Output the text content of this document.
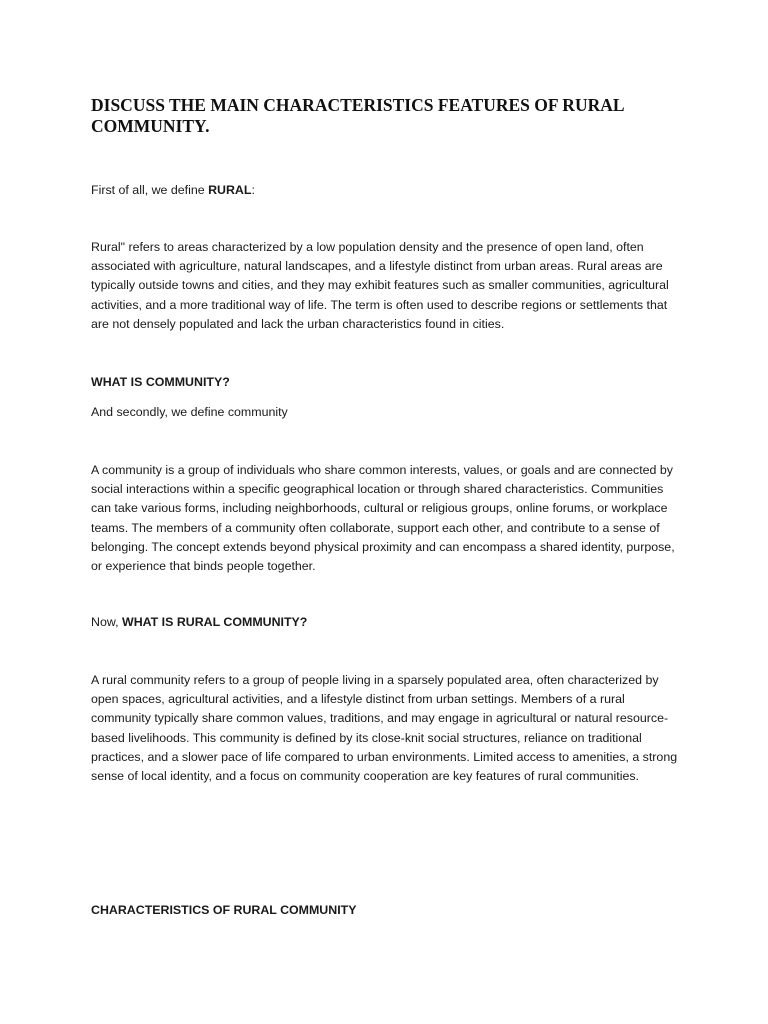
DISCUSS THE MAIN CHARACTERISTICS FEATURES OF RURAL COMMUNITY.

First of all, we define RURAL:

Rural" refers to areas characterized by a low population density and the presence of open land, often associated with agriculture, natural landscapes, and a lifestyle distinct from urban areas. Rural areas are typically outside towns and cities, and they may exhibit features such as smaller communities, agricultural activities, and a more traditional way of life. The term is often used to describe regions or settlements that are not densely populated and lack the urban characteristics found in cities.

WHAT IS COMMUNITY?

And secondly, we define community

A community is a group of individuals who share common interests, values, or goals and are connected by social interactions within a specific geographical location or through shared characteristics. Communities can take various forms, including neighborhoods, cultural or religious groups, online forums, or workplace teams. The members of a community often collaborate, support each other, and contribute to a sense of belonging. The concept extends beyond physical proximity and can encompass a shared identity, purpose, or experience that binds people together.

Now, WHAT IS RURAL COMMUNITY?

A rural community refers to a group of people living in a sparsely populated area, often characterized by open spaces, agricultural activities, and a lifestyle distinct from urban settings. Members of a rural community typically share common values, traditions, and may engage in agricultural or natural resource-based livelihoods. This community is defined by its close-knit social structures, reliance on traditional practices, and a slower pace of life compared to urban environments. Limited access to amenities, a strong sense of local identity, and a focus on community cooperation are key features of rural communities.

CHARACTERISTICS OF RURAL COMMUNITY
